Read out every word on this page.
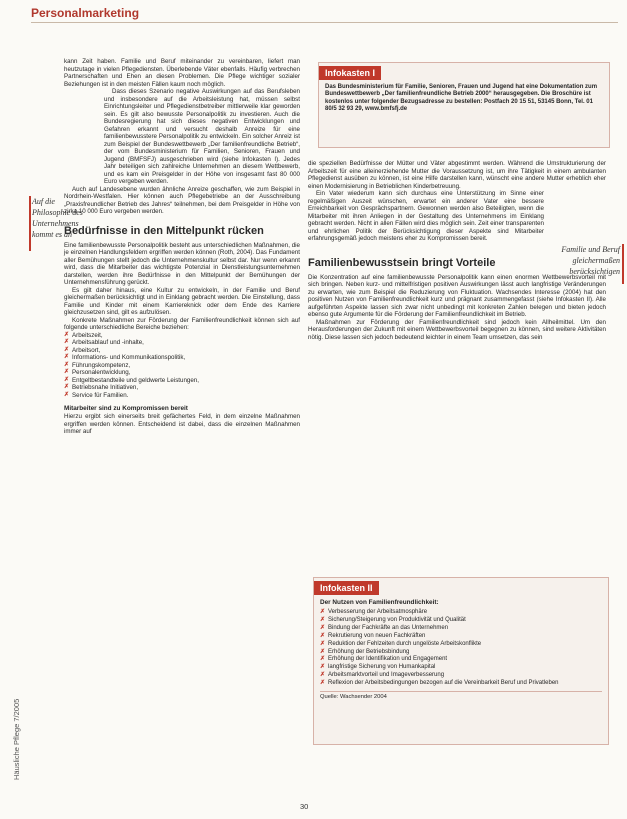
Personalmarketing

kann Zeit haben. Familie und Beruf miteinander zu vereinbaren, liefert man heutzutage in vielen Pflegediensten. Überlebende Väter ebenfalls. Häufig verbrechen Partnerschaften und Ehen an diesen Problemen. Die Pflege wichtiger sozialer Beziehungen ist in den meisten Fällen kaum noch möglich.

Dass dieses Szenario negative Auswirkungen auf das Berufsleben und insbesondere auf die Arbeitsleistung hat, müssen selbst Einrichtungsleiter und Pflegedienstbetreiber mittlerweile klar geworden sein. Es gilt also bewusste Personalpolitik zu investieren. Auch die Bundesregierung hat sich dieses negativen Entwicklungen und Gefahren erkannt und versucht deshalb Anreize für eine familienbewusstere Personalpolitik zu entwickeln. Ein solcher Anreiz ist zum Beispiel der Bundeswettbewerb „Der familienfreundliche Betrieb“, der vom Bundesministerium für Familien, Senioren, Frauen und Jugend (BMFSFJ) ausgeschrieben wird (siehe Infokasten I). Jedes Jahr beteiligen sich zahlreiche Unternehmen an diesem Wettbewerb, und es kam ein Preisgelder in der Höhe von insgesamt fast 80 000 Euro vergeben werden.

Auch auf Landesebene wurden ähnliche Anreize geschaffen, wie zum Beispiel in Nordrhein-Westfalen. Hier können auch Pflegebetriebe an der Ausschreibung „Praxisfreundlicher Betrieb des Jahres“ teilnehmen, bei dem Preisgelder in Höhe von zirka 10 000 Euro vergeben werden.

Bedürfnisse in den Mittelpunkt rücken

Eine familienbewusste Personalpolitik besteht aus unterschiedlichen Maßnahmen, die je einzelnen Handlungsfeldern ergriffen werden können (Roth, 2004). Das Fundament aller Bemühungen stellt jedoch die Unternehmenskultur selbst dar. Nur wenn erkannt wird, dass die Mitarbeiter das wichtigste Potenzial in Dienstleistungsunternehmen darstellen, werden ihre Bedürfnisse in den Mittelpunkt der Bemühungen der Unternehmensführung gerückt.

Es gilt daher hinaus, eine Kultur zu entwickeln, in der Familie und Beruf gleichermaßen berücksichtigt und in Einklang gebracht werden. Die Einstellung, dass Familie und Kinder mit einem Karriereknick oder dem Ende des Karriere gleichzusetzen sind, gilt es aufzulösen.

Konkrete Maßnahmen zur Förderung der Familienfreundlichkeit können sich auf folgende unterschiedliche Bereiche beziehen:

✗ Arbeitszeit,
✗ Arbeitsablauf und -inhalte,
✗ Arbeitsort,
✗ Informations- und Kommunikationspolitik,
✗ Führungskompetenz,
✗ Personalentwicklung,
✗ Entgeltbestandteile und geldwerte Leistungen,
✗ Betriebsnahe Initiativen,
✗ Service für Familien.
Mitarbeiter sind zu Kompromissen bereit

Hierzu ergibt sich einerseits breit gefächertes Feld, in dem einzelne Maßnahmen ergriffen werden können. Entscheidend ist dabei, dass die einzelnen Maßnahmen immer auf

Auf die Philosophie des Unternehmens kommt es an
Infokasten I
Das Bundesministerium für Familie, Senioren, Frauen und Jugend hat eine Dokumentation zum Bundeswettbewerb „Der familienfreundliche Betrieb 2000“ herausgegeben. Die Broschüre ist kostenlos unter folgender Bezugsadresse zu bestellen: Postfach 20 15 51, 53145 Bonn, Tel. 01 80/5 32 93 29, www.bmfsfj.de

die speziellen Bedürfnisse der Mütter und Väter abgestimmt werden. Während die Umstrukturierung der Arbeitszeit für eine alleinerziehende Mutter die Voraussetzung ist, um ihre Tätigkeit in einem ambulanten Pflegedienst ausüben zu können, ist eine Hilfe darstellen kann, wünscht eine andere Mutter erheblich eher einen Modernisierung in Betrieblichen Kinderbetreuung.

Ein Vater wiederum kann sich durchaus eine Unterstützung im Sinne einer regelmäßigen Auszeit wünschen, erwartet ein anderer Vater eine bessere Erreichbarkeit von Gesprächspartnern. Gewonnen werden also Beteiligten, wenn die Mitarbeiter mit ihren Anliegen in der Gestaltung des Unternehmens im Einklang gebracht werden. Nicht in allen Fällen wird dies möglich sein. Zeit einer transparenten und ehrlichen Politik der Berücksichtigung dieser Aspekte sind Mitarbeiter erfahrungsgemäß jedoch meistens eher zu Kompromissen bereit.

Familienbewusstsein bringt Vorteile

Die Konzentration auf eine familienbewusste Personalpolitik kann einen enormen Wettbewerbsvorteil mit sich bringen. Neben kurz- und mittelfristigen positiven Auswirkungen lässt auch langfristige Veränderungen zu erwarten, wie zum Beispiel die Reduzierung von Fluktuation. Wachsendes Interesse (2004) hat den positiven Nutzen von Familienfreundlichkeit kurz und prägnant zusammengefasst (siehe Infokasten II). Alle aufgeführten Aspekte lassen sich zwar nicht unbedingt mit konkreten Zahlen belegen und bieten jedoch ebenso gute Argumente für die Förderung der Familienfreundlichkeit im Betrieb.

Maßnahmen zur Förderung der Familienfreundlichkeit sind jedoch kein Allheilmittel. Um den Herausforderungen der Zukunft mit einem Wettbewerbsvorteil begegnen zu können, sind weitere Aktivitäten nötig. Diese lassen sich jedoch bedeutend leichter in einem Team umsetzen, das sein

Familie und Beruf gleichermaßen berücksichtigen
Infokasten II
Der Nutzen von Familienfreundlichkeit:
✗ Verbesserung der Arbeitsatmosphäre
✗ Sicherung/Steigerung von Produktivität und Qualität
✗ Bindung der Fachkräfte an das Unternehmen
✗ Rekrutierung von neuen Fachkräften
✗ Reduktion der Fehlzeiten durch ungelöste Arbeitskonflikte
✗ Erhöhung der Betriebsbindung
✗ Erhöhung der Identifikation und Engagement
✗ langfristige Sicherung von Humankapital
✗ Arbeitsmarktvorteil und Imageverbesserung
✗ Reflexion der Arbeitsbedingungen bezogen auf die Vereinbarkeit Beruf und Privatleben
Quelle: Wachsender 2004
Häusliche Pflege 7/2005
30
